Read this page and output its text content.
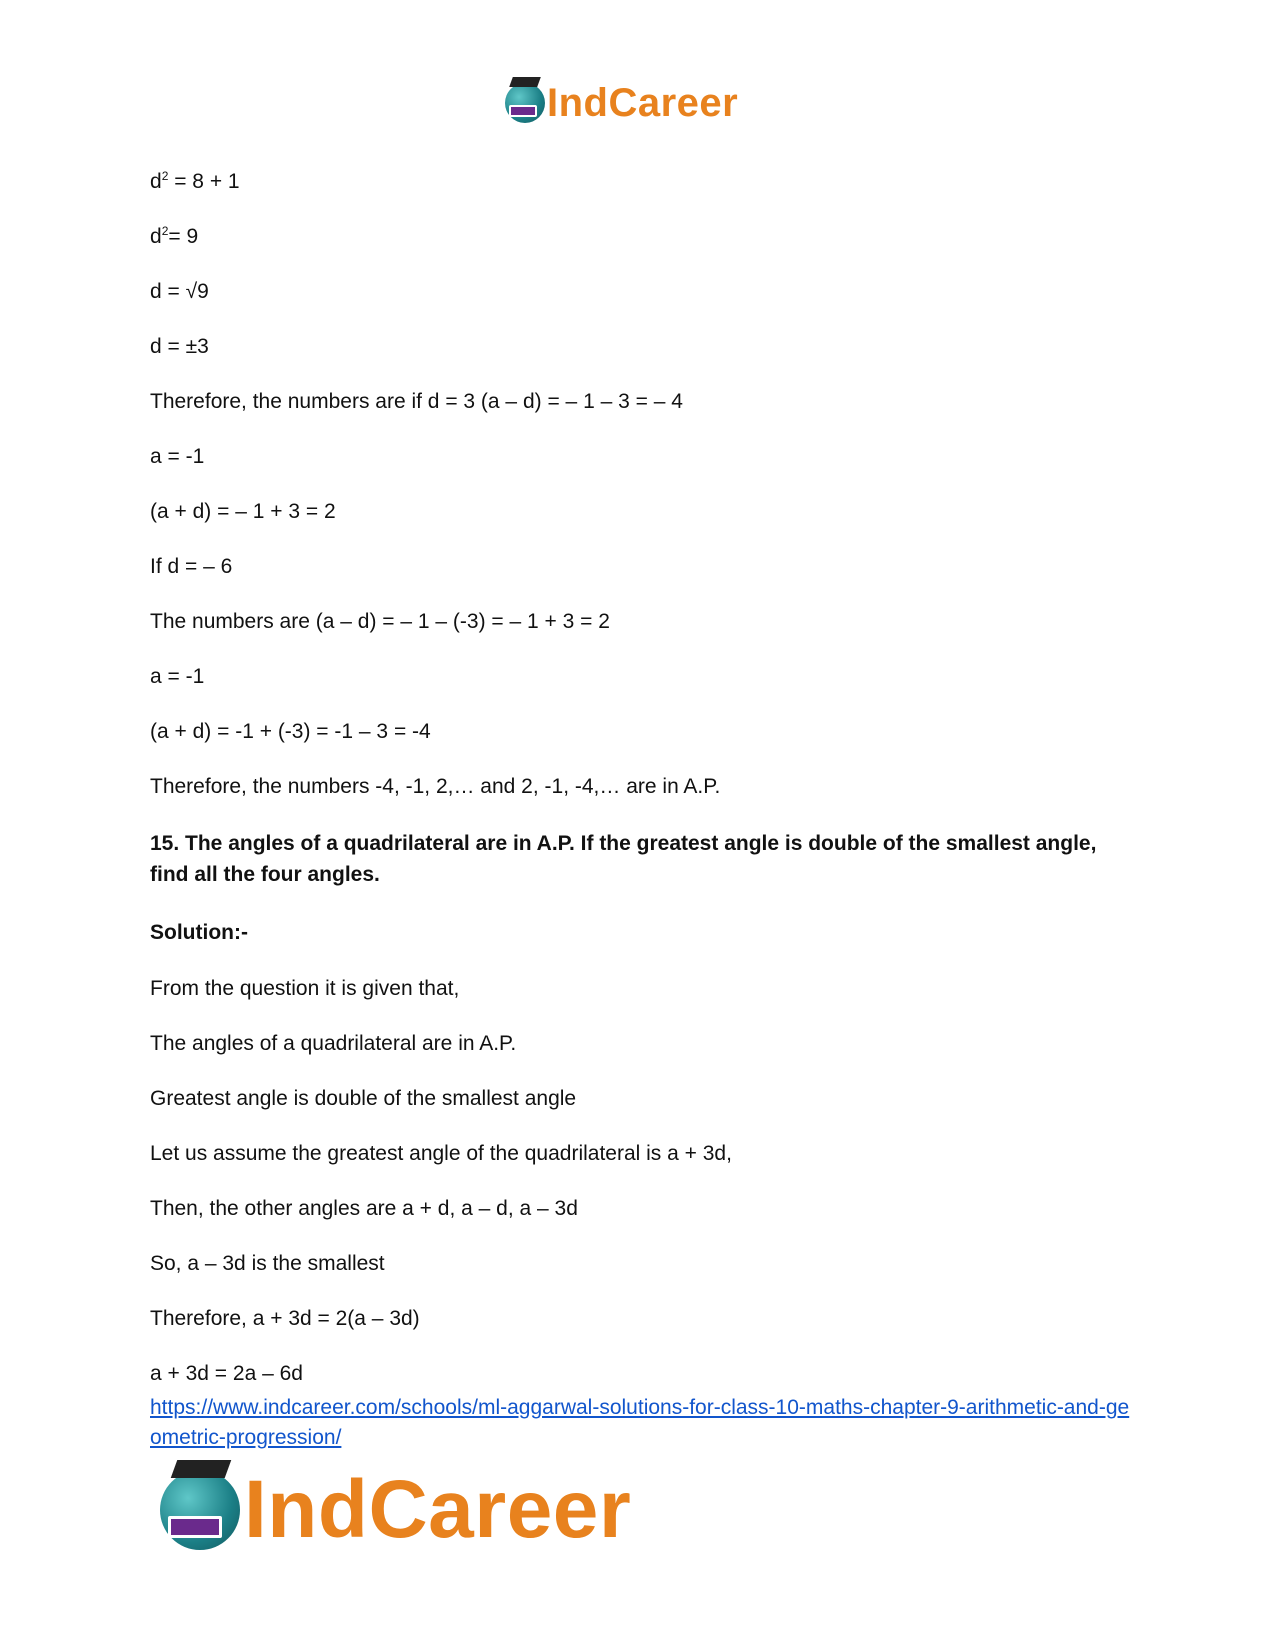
IndCareer

$d^2 = 8 + 1$

$d^2= 9$

d = √9

d = ±3

Therefore, the numbers are if d = 3 (a – d) = – 1 – 3 = – 4

a = -1

(a + d) = – 1 + 3 = 2

If d = – 6

The numbers are (a – d) = – 1 – (-3) = – 1 + 3 = 2

a = -1

(a + d) = -1 + (-3) = -1 – 3 = -4

Therefore, the numbers -4, -1, 2,… and 2, -1, -4,… are in A.P.

15. The angles of a quadrilateral are in A.P. If the greatest angle is double of the smallest angle, find all the four angles.

Solution:-

From the question it is given that,

The angles of a quadrilateral are in A.P.

Greatest angle is double of the smallest angle

Let us assume the greatest angle of the quadrilateral is a + 3d,

Then, the other angles are a + d, a – d, a – 3d

So, a – 3d is the smallest

Therefore, a + 3d = 2(a – 3d)

a + 3d = 2a – 6d

https://www.indcareer.com/schools/ml-aggarwal-solutions-for-class-10-maths-chapter-9-arithmetic-and-geometric-progression/
IndCareer
